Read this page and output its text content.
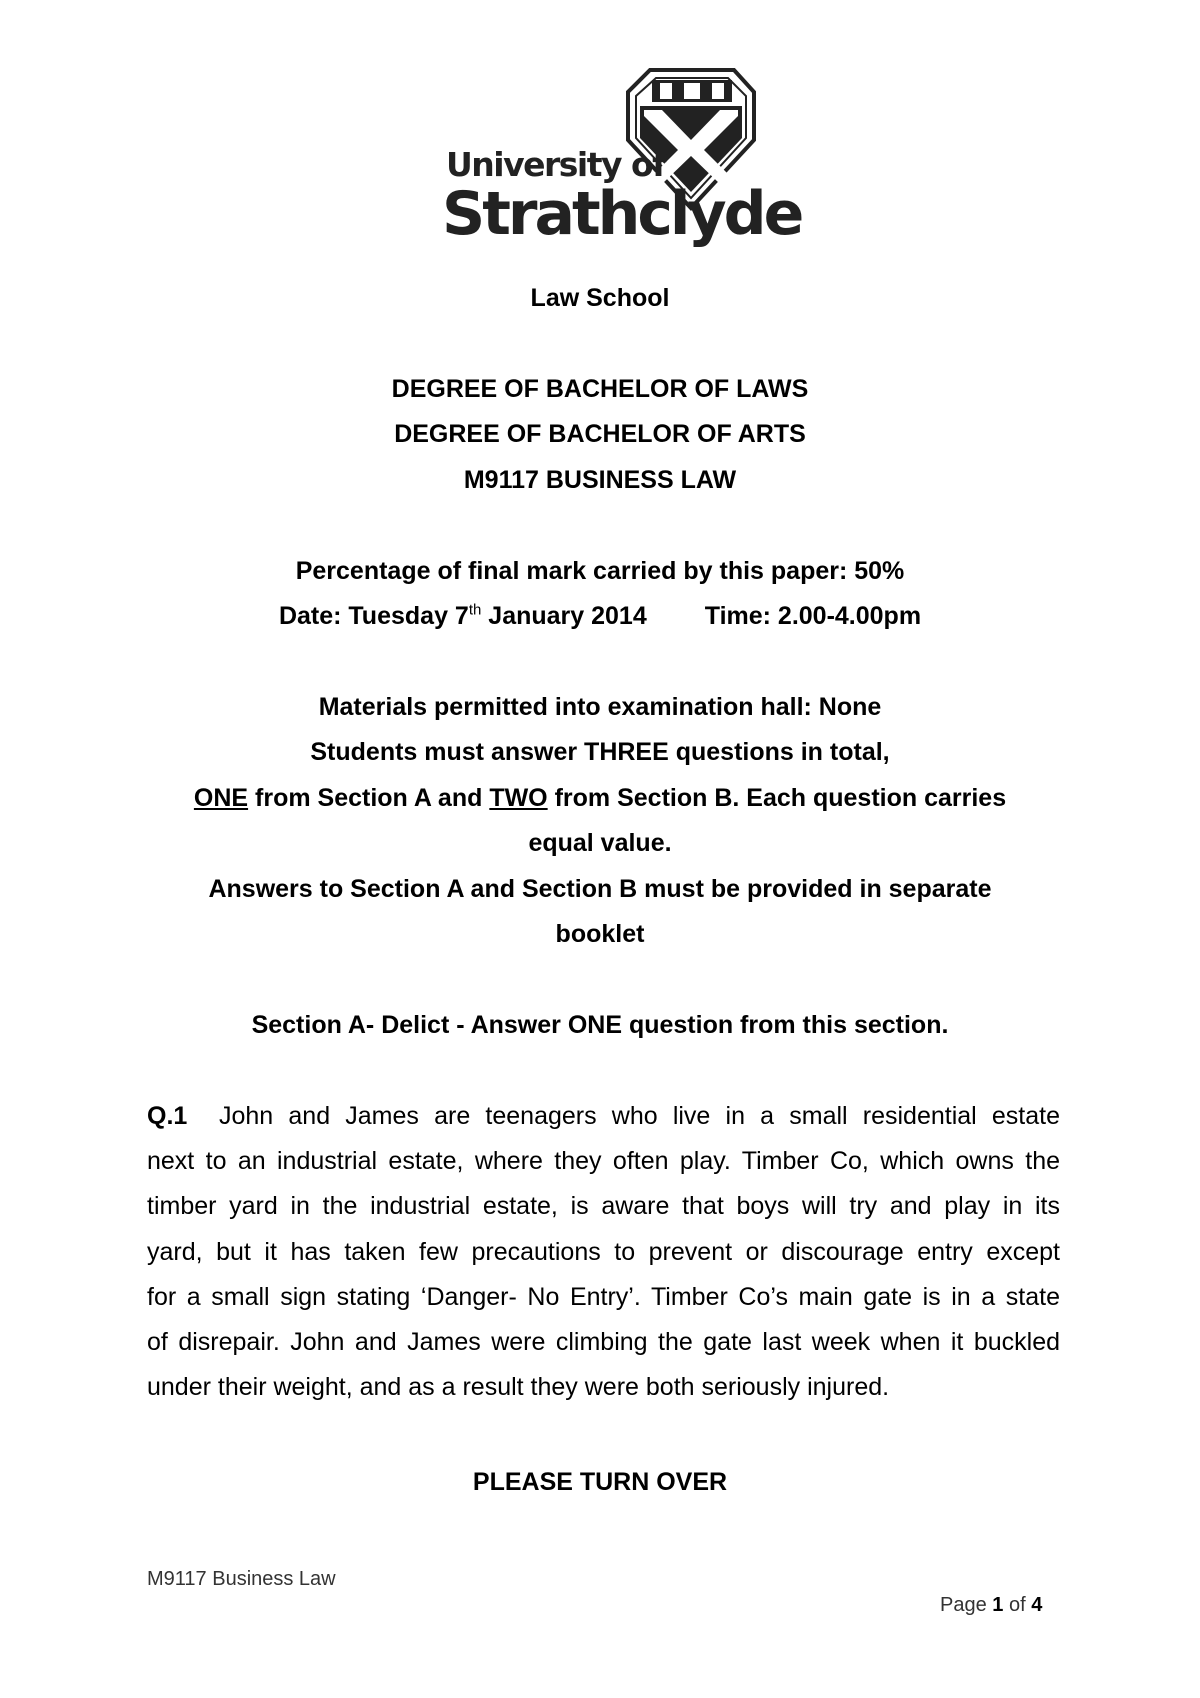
University of
Strathclyde
Law School
DEGREE OF BACHELOR OF LAWS
DEGREE OF BACHELOR OF ARTS
M9117 BUSINESS LAW
Percentage of final mark carried by this paper: 50%
Date: Tuesday 7th January 2014 Time: 2.00-4.00pm
Materials permitted into examination hall: None
Students must answer THREE questions in total,
ONE from Section A and TWO from Section B. Each question carries
equal value.
Answers to Section A and Section B must be provided in separate
booklet
Section A- Delict - Answer ONE question from this section.
Q.1 John and James are teenagers who live in a small residential estate
next to an industrial estate, where they often play. Timber Co, which owns the
timber yard in the industrial estate, is aware that boys will try and play in its
yard, but it has taken few precautions to prevent or discourage entry except
for a small sign stating ‘Danger- No Entry’. Timber Co’s main gate is in a state
of disrepair. John and James were climbing the gate last week when it buckled
under their weight, and as a result they were both seriously injured.
PLEASE TURN OVER
M9117 Business Law
Page 1 of 4
